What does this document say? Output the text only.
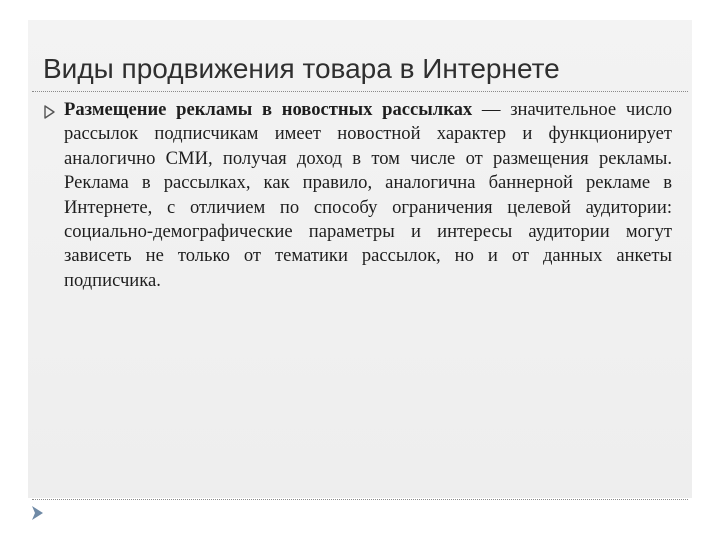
Виды продвижения товара в Интернете

Размещение рекламы в новостных рассылках — значительное число рассылок подписчикам имеет новостной характер и функционирует аналогично СМИ, получая доход в том числе от размещения рекламы. Реклама в рассылках, как правило, аналогична баннерной рекламе в Интернете, с отличием по способу ограничения целевой аудитории: социально-демографические параметры и интересы аудитории могут зависеть не только от тематики рассылок, но и от данных анкеты подписчика.
